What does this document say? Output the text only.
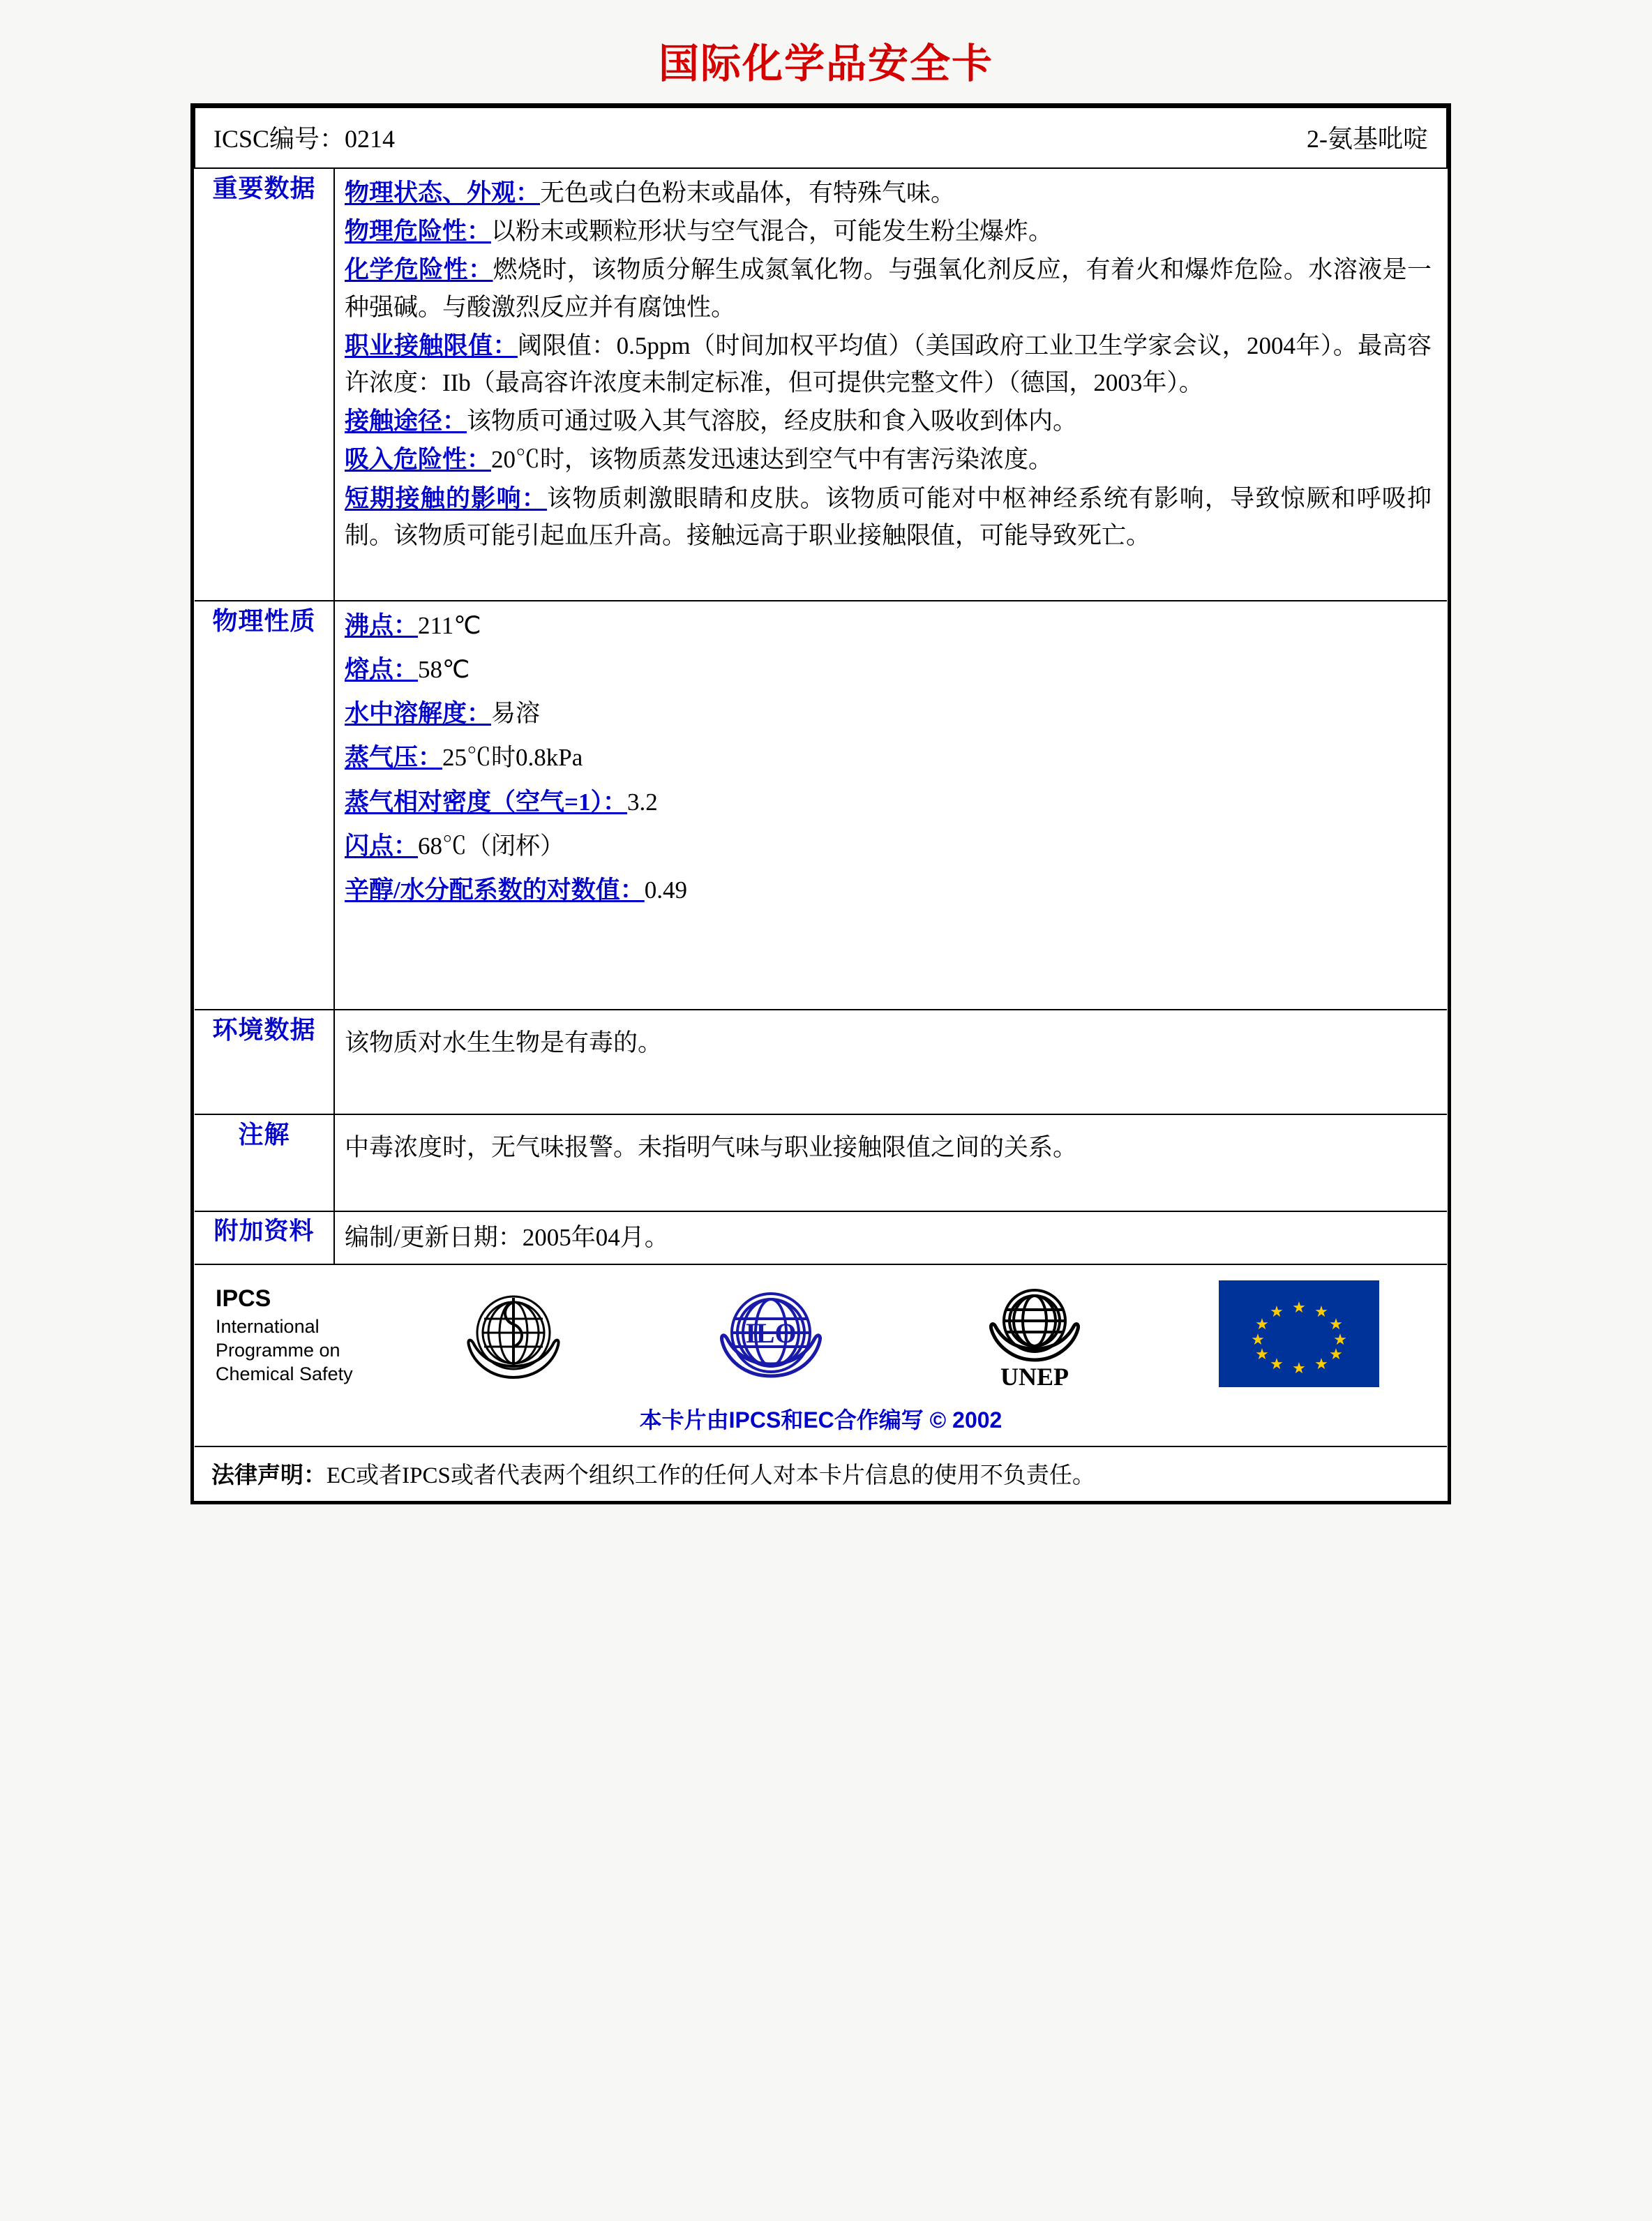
国际化学品安全卡
ICSC编号：0214 2-氨基吡啶	

重要数据	物理状态、外观：无色或白色粉末或晶体，有特殊气味。

物理危险性：以粉末或颗粒形状与空气混合，可能发生粉尘爆炸。

化学危险性：燃烧时，该物质分解生成氮氧化物。与强氧化剂反应，有着火和爆炸危险。水溶液是一种强碱。与酸激烈反应并有腐蚀性。

职业接触限值：阈限值：0.5ppm（时间加权平均值）（美国政府工业卫生学家会议，2004年）。最高容许浓度：IIb（最高容许浓度未制定标准，但可提供完整文件）（德国，2003年）。

接触途径：该物质可通过吸入其气溶胶，经皮肤和食入吸收到体内。

吸入危险性：20℃时，该物质蒸发迅速达到空气中有害污染浓度。

短期接触的影响：该物质刺激眼睛和皮肤。该物质可能对中枢神经系统有影响，导致惊厥和呼吸抑制。该物质可能引起血压升高。接触远高于职业接触限值，可能导致死亡。

物理性质	沸点：211℃

熔点：58℃

水中溶解度：易溶

蒸气压：25℃时0.8kPa

蒸气相对密度（空气=1）：3.2

闪点：68℃（闭杯）

辛醇/水分配系数的对数值：0.49

环境数据	该物质对水生生物是有毒的。

注解	中毒浓度时，无气味报警。未指明气味与职业接触限值之间的关系。

附加资料	编制/更新日期：2005年04月。

IPCS
International
Programme on
Chemical Safety
ILO
UNEP
★
★ ★
★	★
★	★
★	★
★ ★
★
本卡片由IPCS和EC合作编写 © 2002

法律声明：EC或者IPCS或者代表两个组织工作的任何人对本卡片信息的使用不负责任。	
